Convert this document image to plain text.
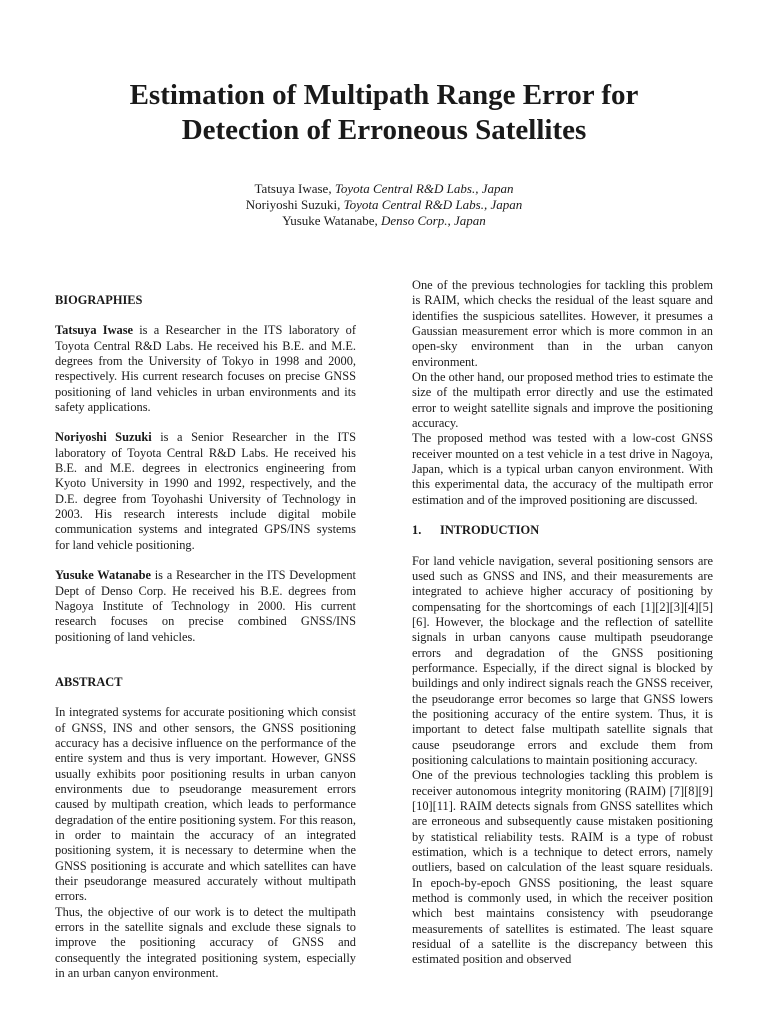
Estimation of Multipath Range Error for
Detection of Erroneous Satellites
Tatsuya Iwase, Toyota Central R&D Labs., Japan
Noriyoshi Suzuki, Toyota Central R&D Labs., Japan
Yusuke Watanabe, Denso Corp., Japan

BIOGRAPHIES

Tatsuya Iwase is a Researcher in the ITS laboratory of Toyota Central R&D Labs. He received his B.E. and M.E. degrees from the University of Tokyo in 1998 and 2000, respectively. His current research focuses on precise GNSS positioning of land vehicles in urban environments and its safety applications.

Noriyoshi Suzuki is a Senior Researcher in the ITS laboratory of Toyota Central R&D Labs. He received his B.E. and M.E. degrees in electronics engineering from Kyoto University in 1990 and 1992, respectively, and the D.E. degree from Toyohashi University of Technology in 2003. His research interests include digital mobile communication systems and integrated GPS/INS systems for land vehicle positioning.

Yusuke Watanabe is a Researcher in the ITS Development Dept of Denso Corp. He received his B.E. degrees from Nagoya Institute of Technology in 2000. His current research focuses on precise combined GNSS/INS positioning of land vehicles.

ABSTRACT

In integrated systems for accurate positioning which consist of GNSS, INS and other sensors, the GNSS positioning accuracy has a decisive influence on the performance of the entire system and thus is very important. However, GNSS usually exhibits poor positioning results in urban canyon environments due to pseudorange measurement errors caused by multipath creation, which leads to performance degradation of the entire positioning system. For this reason, in order to maintain the accuracy of an integrated positioning system, it is necessary to determine when the GNSS positioning is accurate and which satellites can have their pseudorange measured accurately without multipath errors.

Thus, the objective of our work is to detect the multipath errors in the satellite signals and exclude these signals to improve the positioning accuracy of GNSS and consequently the integrated positioning system, especially in an urban canyon environment.

One of the previous technologies for tackling this problem is RAIM, which checks the residual of the least square and identifies the suspicious satellites. However, it presumes a Gaussian measurement error which is more common in an open-sky environment than in the urban canyon environment.

On the other hand, our proposed method tries to estimate the size of the multipath error directly and use the estimated error to weight satellite signals and improve the positioning accuracy.

The proposed method was tested with a low-cost GNSS receiver mounted on a test vehicle in a test drive in Nagoya, Japan, which is a typical urban canyon environment. With this experimental data, the accuracy of the multipath error estimation and of the improved positioning are discussed.

1. INTRODUCTION

For land vehicle navigation, several positioning sensors are used such as GNSS and INS, and their measurements are integrated to achieve higher accuracy of positioning by compensating for the shortcomings of each [1][2][3][4][5][6]. However, the blockage and the reflection of satellite signals in urban canyons cause multipath pseudorange errors and degradation of the GNSS positioning performance. Especially, if the direct signal is blocked by buildings and only indirect signals reach the GNSS receiver, the pseudorange error becomes so large that GNSS lowers the positioning accuracy of the entire system. Thus, it is important to detect false multipath satellite signals that cause pseudorange errors and exclude them from positioning calculations to maintain positioning accuracy.

One of the previous technologies tackling this problem is receiver autonomous integrity monitoring (RAIM) [7][8][9][10][11]. RAIM detects signals from GNSS satellites which are erroneous and subsequently cause mistaken positioning by statistical reliability tests. RAIM is a type of robust estimation, which is a technique to detect errors, namely outliers, based on calculation of the least square residuals. In epoch-by-epoch GNSS positioning, the least square method is commonly used, in which the receiver position which best maintains consistency with pseudorange measurements of satellites is estimated. The least square residual of a satellite is the discrepancy between this estimated position and observed
